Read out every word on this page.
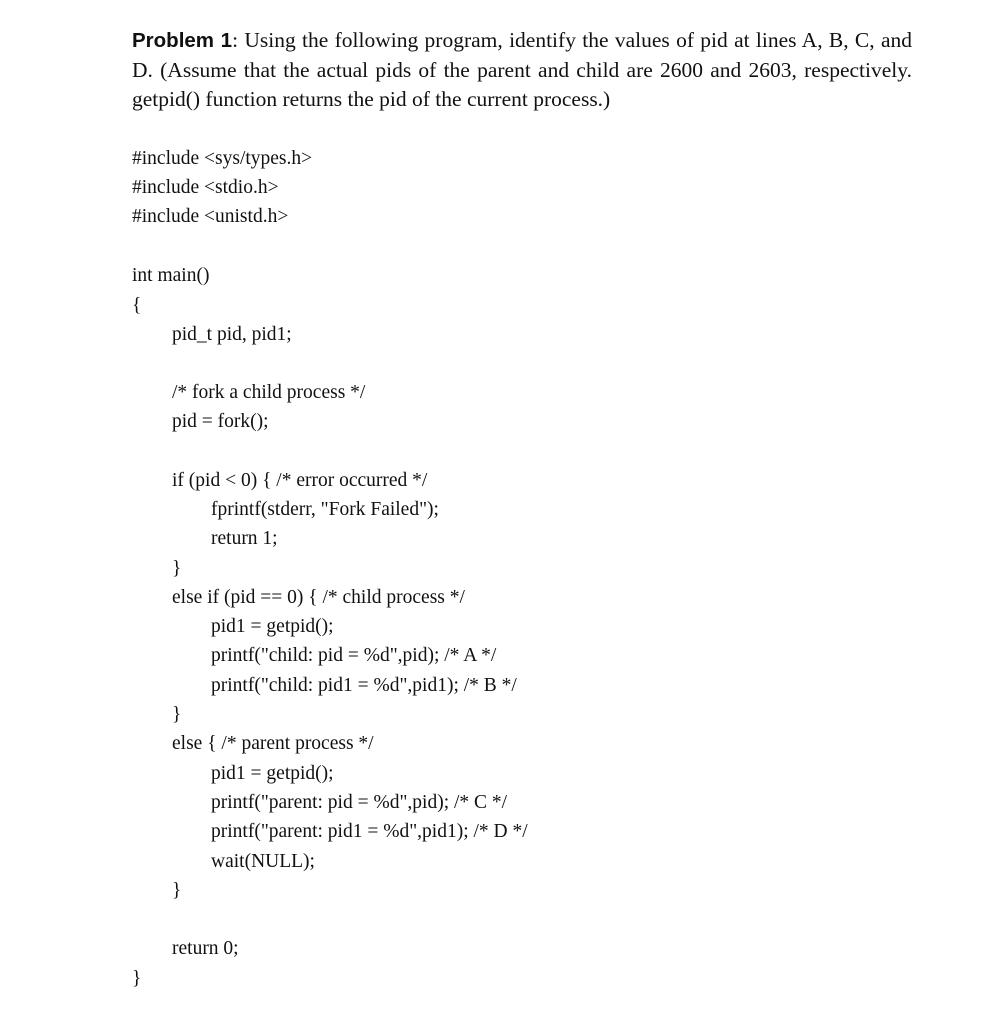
Problem 1: Using the following program, identify the values of pid at lines A, B, C, and D. (Assume that the actual pids of the parent and child are 2600 and 2603, respectively. getpid() function returns the pid of the current process.)
#include <sys/types.h>
#include <stdio.h>
#include <unistd.h>
int main()
{
pid_t pid, pid1;
/* fork a child process */
pid = fork();
if (pid < 0) { /* error occurred */
fprintf(stderr, "Fork Failed");
return 1;
}
else if (pid == 0) { /* child process */
pid1 = getpid();
printf("child: pid = %d",pid); /* A */
printf("child: pid1 = %d",pid1); /* B */
}
else { /* parent process */
pid1 = getpid();
printf("parent: pid = %d",pid); /* C */
printf("parent: pid1 = %d",pid1); /* D */
wait(NULL);
}
return 0;
}
